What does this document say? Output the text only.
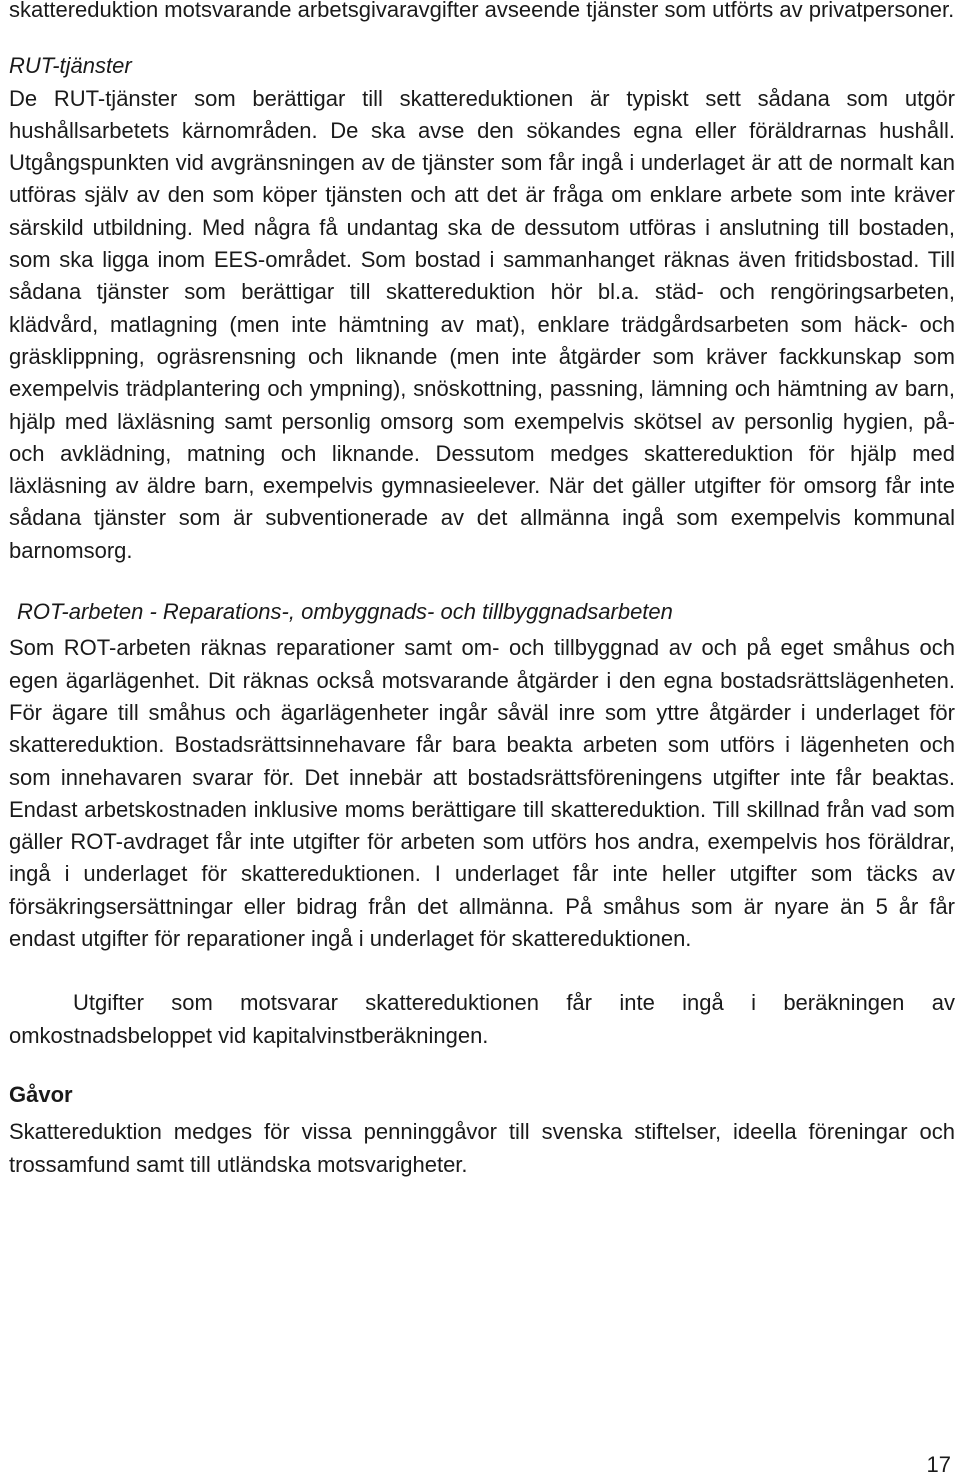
skattereduktion motsvarande arbetsgivaravgifter avseende tjänster som utförts av privatpersoner.

RUT-tjänster

De RUT-tjänster som berättigar till skattereduktionen är typiskt sett sådana som utgör hushållsarbetets kärnområden. De ska avse den sökandes egna eller föräldrarnas hushåll. Utgångspunkten vid avgränsningen av de tjänster som får ingå i underlaget är att de normalt kan utföras själv av den som köper tjänsten och att det är fråga om enklare arbete som inte kräver särskild utbildning. Med några få undantag ska de dessutom utföras i anslutning till bostaden, som ska ligga inom EES-området. Som bostad i sammanhanget räknas även fritidsbostad. Till sådana tjänster som berättigar till skattereduktion hör bl.a. städ- och rengöringsarbeten, klädvård, matlagning (men inte hämtning av mat), enklare trädgårdsarbeten som häck- och gräsklippning, ogräsrensning och liknande (men inte åtgärder som kräver fackkunskap som exempelvis trädplantering och ympning), snöskottning, passning, lämning och hämtning av barn, hjälp med läxläsning samt personlig omsorg som exempelvis skötsel av personlig hygien, på- och avklädning, matning och liknande. Dessutom medges skattereduktion för hjälp med läxläsning av äldre barn, exempelvis gymnasieelever. När det gäller utgifter för omsorg får inte sådana tjänster som är subventionerade av det allmänna ingå som exempelvis kommunal barnomsorg.

ROT-arbeten - Reparations-, ombyggnads- och tillbyggnadsarbeten

Som ROT-arbeten räknas reparationer samt om- och tillbyggnad av och på eget småhus och egen ägarlägenhet. Dit räknas också motsvarande åtgärder i den egna bostadsrättslägenheten. För ägare till småhus och ägarlägenheter ingår såväl inre som yttre åtgärder i underlaget för skattereduktion. Bostadsrättsinnehavare får bara beakta arbeten som utförs i lägenheten och som innehavaren svarar för. Det innebär att bostadsrättsföreningens utgifter inte får beaktas. Endast arbetskostnaden inklusive moms berättigare till skattereduktion. Till skillnad från vad som gäller ROT-avdraget får inte utgifter för arbeten som utförs hos andra, exempelvis hos föräldrar, ingå i underlaget för skattereduktionen. I underlaget får inte heller utgifter som täcks av försäkringsersättningar eller bidrag från det allmänna. På småhus som är nyare än 5 år får endast utgifter för reparationer ingå i underlaget för skattereduktionen.

Utgifter som motsvarar skattereduktionen får inte ingå i beräkningen av omkostnadsbeloppet vid kapitalvinstberäkningen.

Gåvor

Skattereduktion medges för vissa penninggåvor till svenska stiftelser, ideella föreningar och trossamfund samt till utländska motsvarigheter.

17
